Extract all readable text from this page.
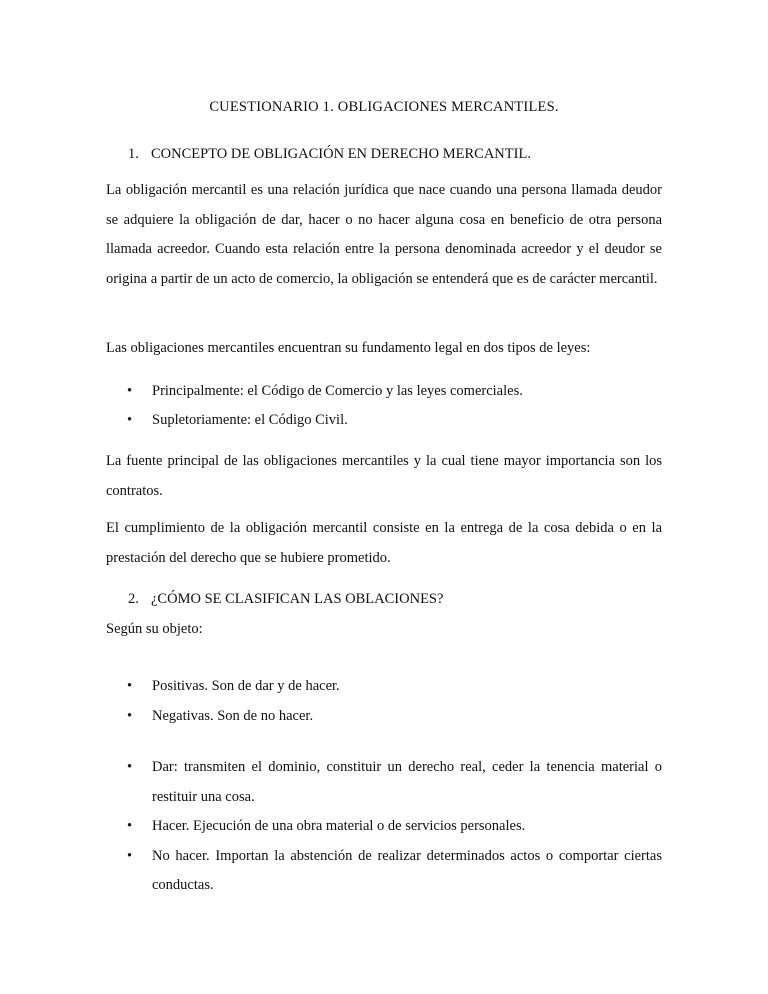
CUESTIONARIO 1. OBLIGACIONES MERCANTILES.
1. CONCEPTO DE OBLIGACIÓN EN DERECHO MERCANTIL.
La obligación mercantil es una relación jurídica que nace cuando una persona llamada deudor se adquiere la obligación de dar, hacer o no hacer alguna cosa en beneficio de otra persona llamada acreedor. Cuando esta relación entre la persona denominada acreedor y el deudor se origina a partir de un acto de comercio, la obligación se entenderá que es de carácter mercantil.
Las obligaciones mercantiles encuentran su fundamento legal en dos tipos de leyes:
• Principalmente: el Código de Comercio y las leyes comerciales.
• Supletoriamente: el Código Civil.
La fuente principal de las obligaciones mercantiles y la cual tiene mayor importancia son los contratos.
El cumplimiento de la obligación mercantil consiste en la entrega de la cosa debida o en la prestación del derecho que se hubiere prometido.
2. ¿CÓMO SE CLASIFICAN LAS OBLACIONES?
Según su objeto:
• Positivas. Son de dar y de hacer.
• Negativas. Son de no hacer.
• Dar: transmiten el dominio, constituir un derecho real, ceder la tenencia material o restituir una cosa.
• Hacer. Ejecución de una obra material o de servicios personales.
• No hacer. Importan la abstención de realizar determinados actos o comportar ciertas conductas.
